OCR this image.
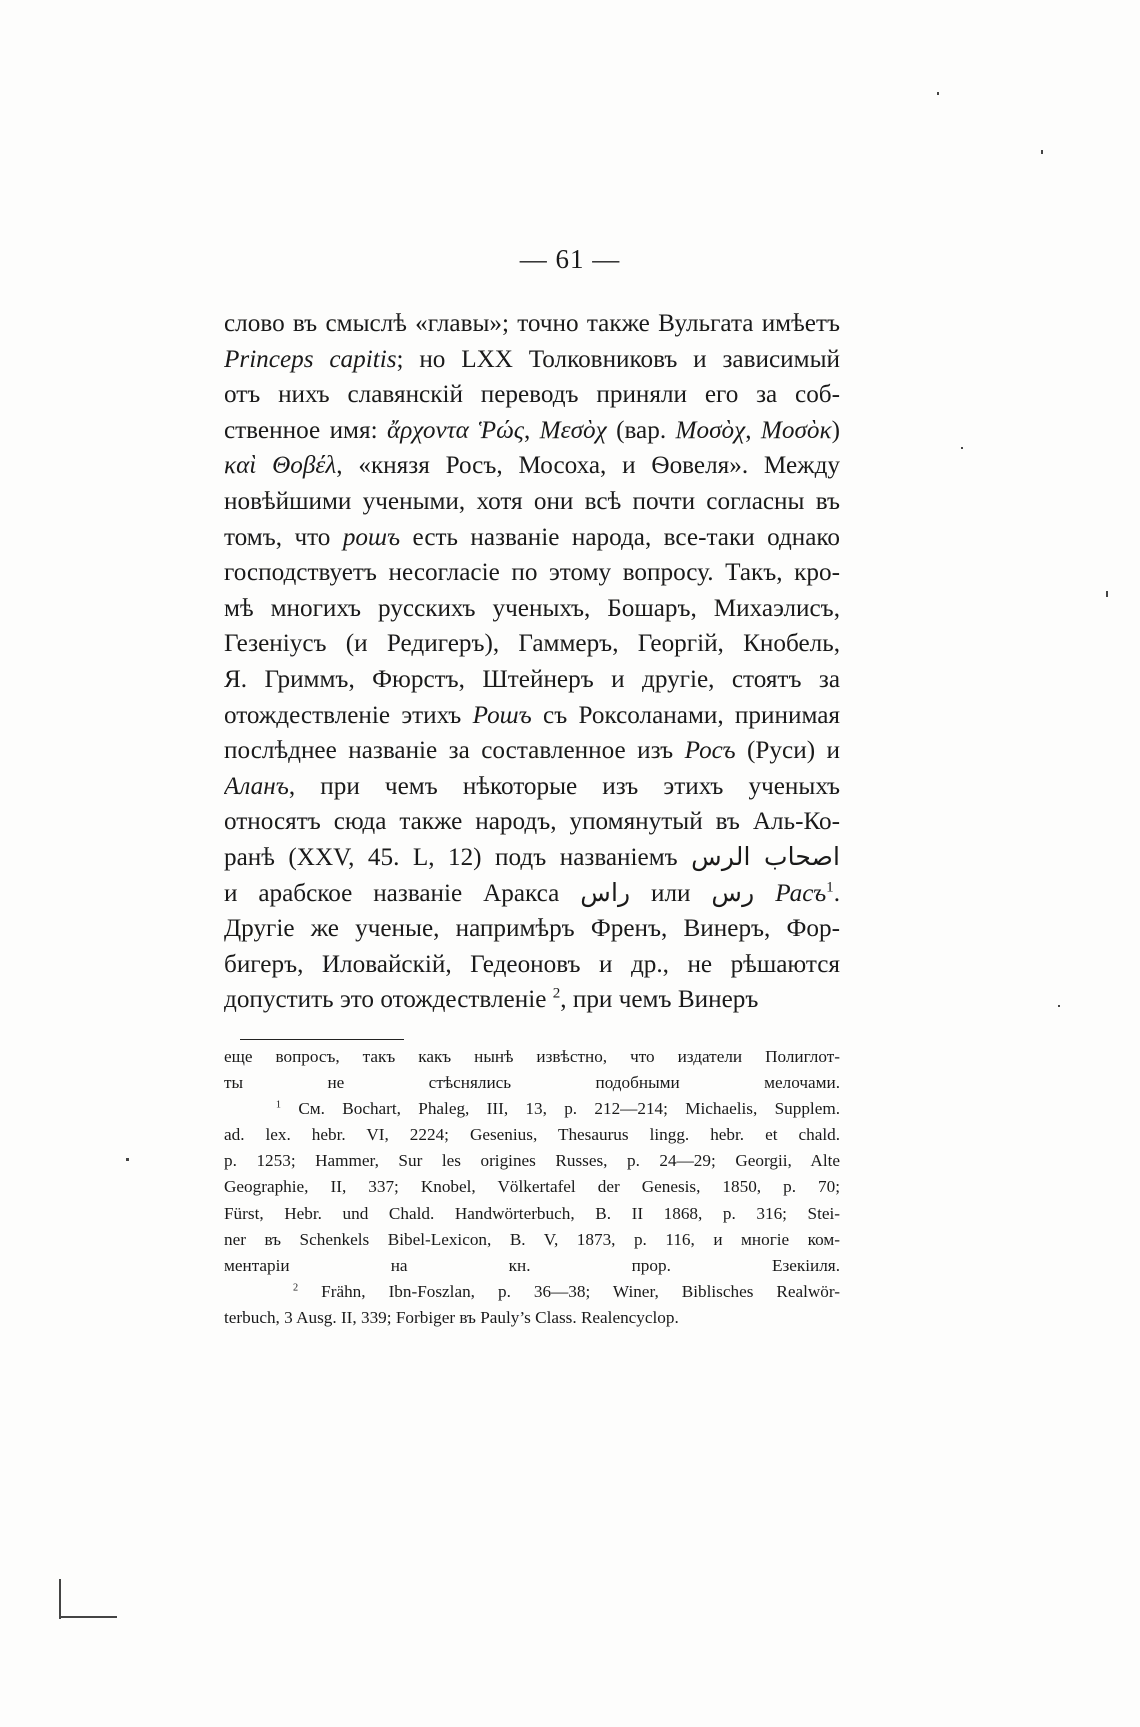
— 61 —
слово въ смыслѣ «главы»; точно также Вульгата имѣетъ
Princeps capitis; но LXX Толковниковъ и зависимый
отъ нихъ славянскій переводъ приняли его за соб-
ственное имя: ἄρχοντα Ῥώς, Μεσὸχ (вар. Μοσὸχ, Μοσὸκ)
καὶ Θοβέλ, «князя Росъ, Мосоха, и Ѳовеля». Между
новѣйшими учеными, хотя они всѣ почти согласны въ
томъ, что рошъ есть названіе народа, все-таки однако
господствуетъ несогласіе по этому вопросу. Такъ, кро-
мѣ многихъ русскихъ ученыхъ, Бошаръ, Михаэлисъ,
Гезеніусъ (и Редигеръ), Гаммеръ, Георгій, Кнобель,
Я. Гриммъ, Фюрстъ, Штейнеръ и другіе, стоятъ за
отождествленіе этихъ Рошъ съ Роксоланами, принимая
послѣднее названіе за составленное изъ Росъ (Руси) и
Аланъ, при чемъ нѣкоторые изъ этихъ ученыхъ
относятъ сюда также народъ, упомянутый въ Аль-Ко-
ранѣ (XXV, 45. L, 12) подъ названіемъ اصحاب الرس
и арабское названіе Аракса راس или رس Расъ$^1$.
Другіе же ученые, напримѣръ Френъ, Винеръ, Фор-
бигеръ, Иловайскій, Гедеоновъ и др., не рѣшаются
допустить это отождествленіе $^2$, при чемъ Винеръ
еще вопросъ, такъ какъ нынѣ извѣстно, что издатели Полиглот-
ты не стѣснялись подобными мелочами.
$^1$ См. Bochart, Phaleg, III, 13, p. 212—214; Michaelis, Supplem.
ad. lex. hebr. VI, 2224; Gesenius, Thesaurus lingg. hebr. et chald.
p. 1253; Hammer, Sur les origines Russes, p. 24—29; Georgii, Alte
Geographie, II, 337; Knobel, Völkertafel der Genesis, 1850, p. 70;
Fürst, Hebr. und Chald. Handwörterbuch, B. II 1868, p. 316; Stei-
ner въ Schenkels Bibel-Lexicon, B. V, 1873, p. 116, и многіе ком-
ментаріи на кн. прор. Езекіиля.
$^2$ Frähn, Ibn-Foszlan, p. 36—38; Winer, Biblisches Realwör-
terbuch, 3 Ausg. II, 339; Forbiger въ Pauly’s Class. Realencyclop.
